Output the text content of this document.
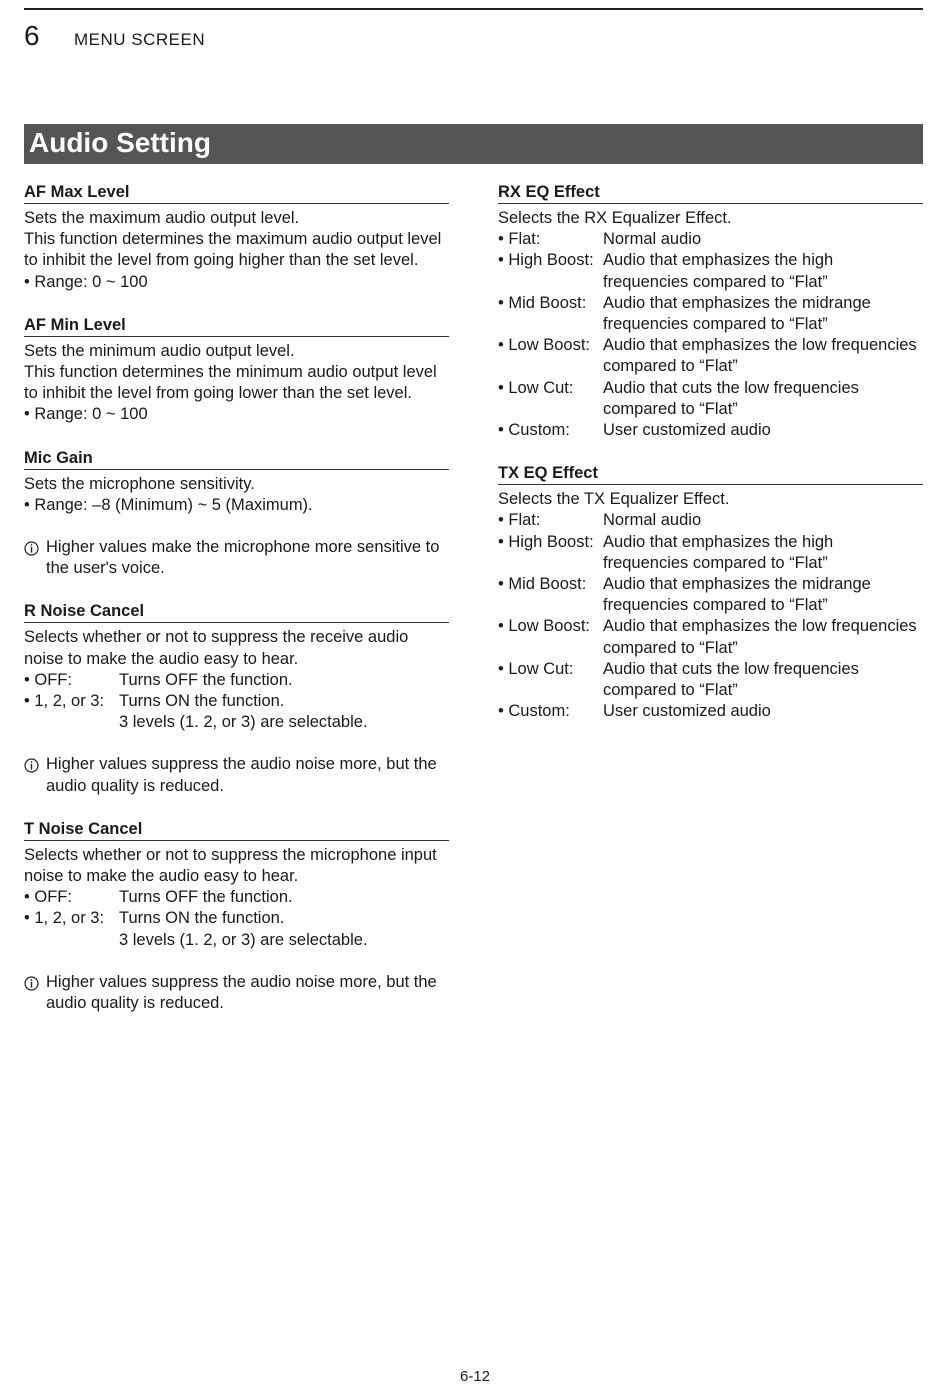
6 MENU SCREEN
Audio Setting
AF Max Level
Sets the maximum audio output level.
This function determines the maximum audio output level to inhibit the level from going higher than the set level.
• Range: 0 ~ 100
AF Min Level
Sets the minimum audio output level.
This function determines the minimum audio output level to inhibit the level from going lower than the set level.
• Range: 0 ~ 100
Mic Gain
Sets the microphone sensitivity.
• Range: –8 (Minimum) ~ 5 (Maximum).
Higher values make the microphone more sensitive to the user's voice.
R Noise Cancel
Selects whether or not to suppress the receive audio noise to make the audio easy to hear.
• OFF:	Turns OFF the function.
• 1, 2, or 3: Turns ON the function.
3 levels (1. 2, or 3) are selectable.
Higher values suppress the audio noise more, but the audio quality is reduced.
T Noise Cancel
Selects whether or not to suppress the microphone input noise to make the audio easy to hear.
• OFF:	Turns OFF the function.
• 1, 2, or 3: Turns ON the function.
3 levels (1. 2, or 3) are selectable.
Higher values suppress the audio noise more, but the audio quality is reduced.
RX EQ Effect
Selects the RX Equalizer Effect.
• Flat:	Normal audio
• High Boost: Audio that emphasizes the high frequencies compared to “Flat”
• Mid Boost:	Audio that emphasizes the midrange frequencies compared to “Flat”
• Low Boost: Audio that emphasizes the low frequencies compared to “Flat”
• Low Cut:	Audio that cuts the low frequencies compared to “Flat”
• Custom:	User customized audio
TX EQ Effect
Selects the TX Equalizer Effect.
• Flat:	Normal audio
• High Boost: Audio that emphasizes the high frequencies compared to “Flat”
• Mid Boost:	Audio that emphasizes the midrange frequencies compared to “Flat”
• Low Boost: Audio that emphasizes the low frequencies compared to “Flat”
• Low Cut:	Audio that cuts the low frequencies compared to “Flat”
• Custom:	User customized audio
6-12
